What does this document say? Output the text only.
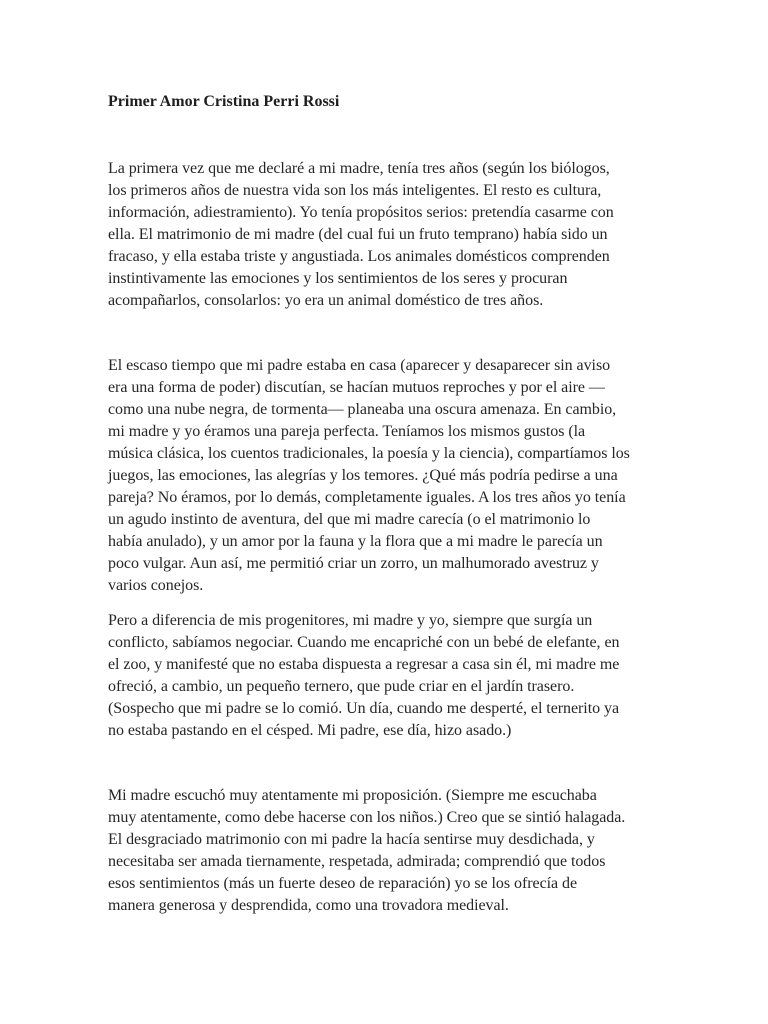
Primer Amor Cristina Perri Rossi

La primera vez que me declaré a mi madre, tenía tres años (según los biólogos,
los primeros años de nuestra vida son los más inteligentes. El resto es cultura,
información, adiestramiento). Yo tenía propósitos serios: pretendía casarme con
ella. El matrimonio de mi madre (del cual fui un fruto temprano) había sido un
fracaso, y ella estaba triste y angustiada. Los animales domésticos comprenden
instintivamente las emociones y los sentimientos de los seres y procuran
acompañarlos, consolarlos: yo era un animal doméstico de tres años.

El escaso tiempo que mi padre estaba en casa (aparecer y desaparecer sin aviso
era una forma de poder) discutían, se hacían mutuos reproches y por el aire —
como una nube negra, de tormenta— planeaba una oscura amenaza. En cambio,
mi madre y yo éramos una pareja perfecta. Teníamos los mismos gustos (la
música clásica, los cuentos tradicionales, la poesía y la ciencia), compartíamos los
juegos, las emociones, las alegrías y los temores. ¿Qué más podría pedirse a una
pareja? No éramos, por lo demás, completamente iguales. A los tres años yo tenía
un agudo instinto de aventura, del que mi madre carecía (o el matrimonio lo
había anulado), y un amor por la fauna y la flora que a mi madre le parecía un
poco vulgar. Aun así, me permitió criar un zorro, un malhumorado avestruz y
varios conejos.

Pero a diferencia de mis progenitores, mi madre y yo, siempre que surgía un
conflicto, sabíamos negociar. Cuando me encapriché con un bebé de elefante, en
el zoo, y manifesté que no estaba dispuesta a regresar a casa sin él, mi madre me
ofreció, a cambio, un pequeño ternero, que pude criar en el jardín trasero.
(Sospecho que mi padre se lo comió. Un día, cuando me desperté, el ternerito ya
no estaba pastando en el césped. Mi padre, ese día, hizo asado.)

Mi madre escuchó muy atentamente mi proposición. (Siempre me escuchaba
muy atentamente, como debe hacerse con los niños.) Creo que se sintió halagada.
El desgraciado matrimonio con mi padre la hacía sentirse muy desdichada, y
necesitaba ser amada tiernamente, respetada, admirada; comprendió que todos
esos sentimientos (más un fuerte deseo de reparación) yo se los ofrecía de
manera generosa y desprendida, como una trovadora medieval.
